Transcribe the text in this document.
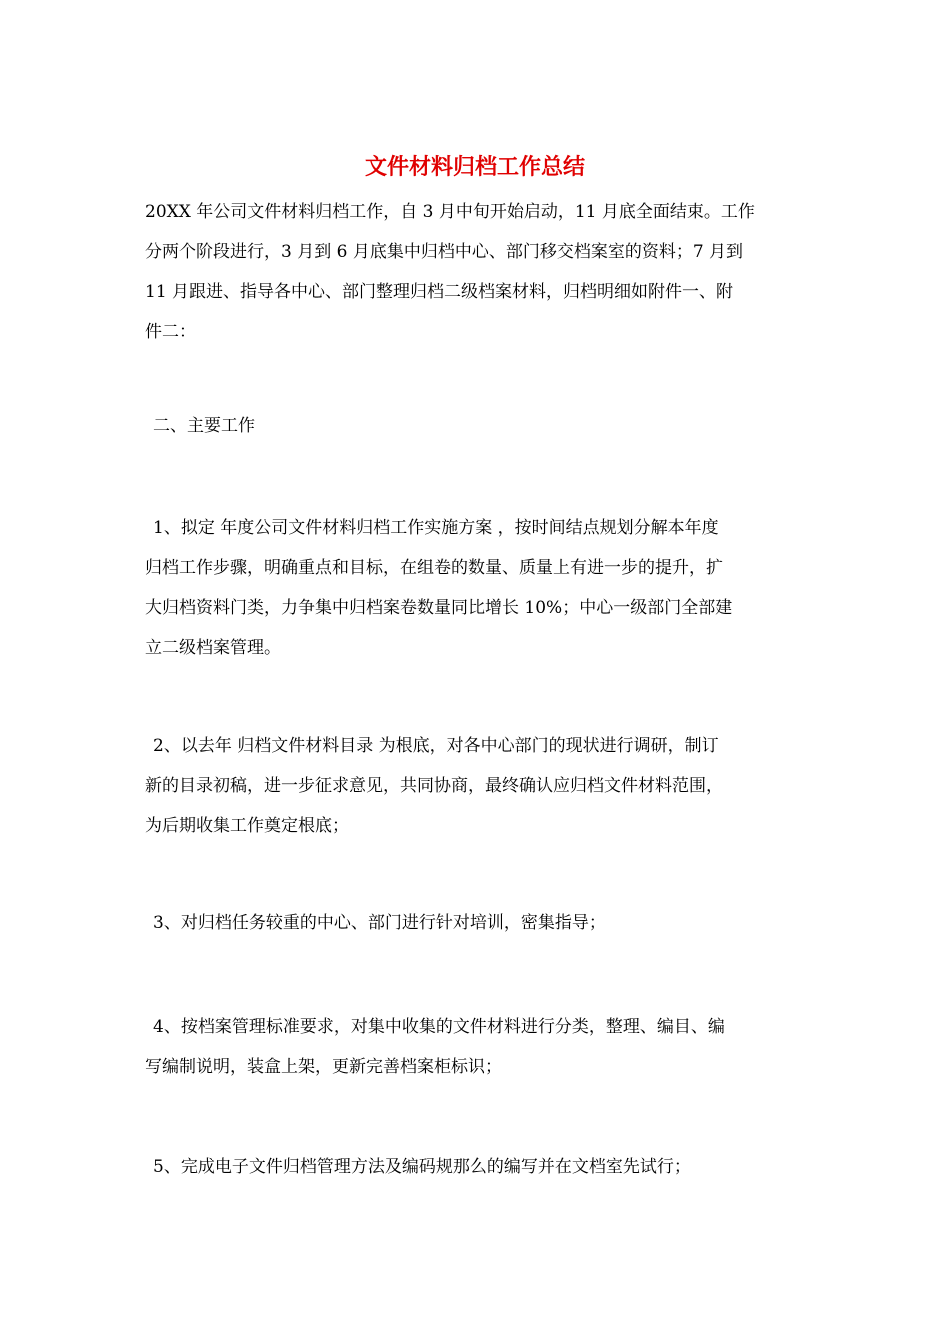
文件材料归档工作总结
20XX 年公司文件材料归档工作，自 3 月中旬开始启动，11 月底全面结束。工作
分两个阶段进行，3 月到 6 月底集中归档中心、部门移交档案室的资料；7 月到
11 月跟进、指导各中心、部门整理归档二级档案材料，归档明细如附件一、附
件二：
二、主要工作
1、拟定 年度公司文件材料归档工作实施方案 ，按时间结点规划分解本年度
归档工作步骤，明确重点和目标，在组卷的数量、质量上有进一步的提升，扩
大归档资料门类，力争集中归档案卷数量同比增长 10%；中心一级部门全部建
立二级档案管理。
2、以去年 归档文件材料目录 为根底，对各中心部门的现状进行调研，制订
新的目录初稿，进一步征求意见，共同协商，最终确认应归档文件材料范围，
为后期收集工作奠定根底；
3、对归档任务较重的中心、部门进行针对培训，密集指导；
4、按档案管理标准要求，对集中收集的文件材料进行分类，整理、编目、编
写编制说明，装盒上架，更新完善档案柜标识；
5、完成电子文件归档管理方法及编码规那么的编写并在文档室先试行；
